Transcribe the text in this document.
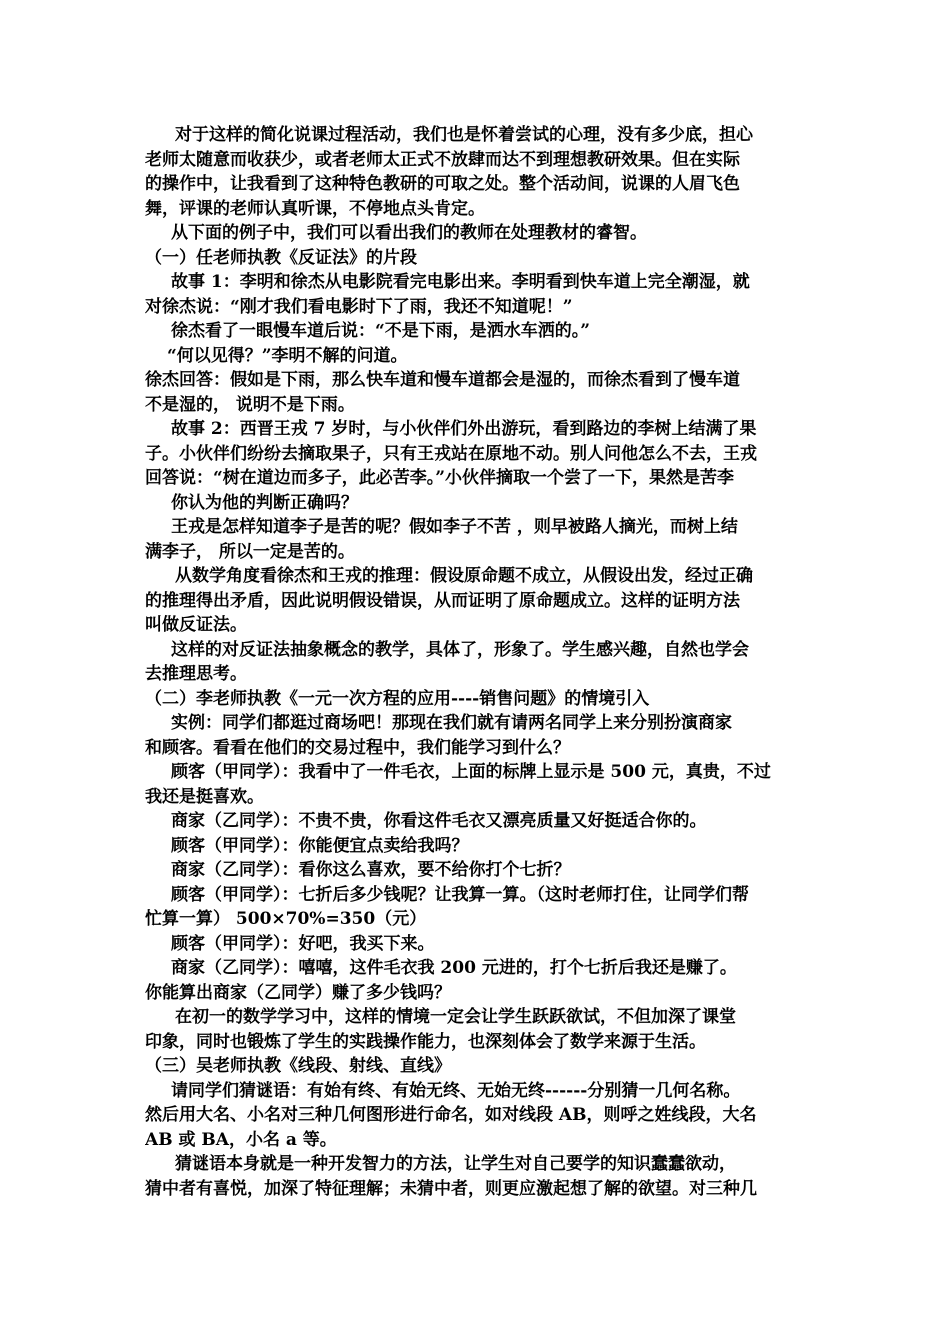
对于这样的简化说课过程活动，我们也是怀着尝试的心理，没有多少底，担心

老师太随意而收获少，或者老师太正式不放肆而达不到理想教研效果。但在实际

的操作中，让我看到了这种特色教研的可取之处。整个活动间，说课的人眉飞色

舞，评课的老师认真听课，不停地点头肯定。

从下面的例子中，我们可以看出我们的教师在处理教材的睿智。

（一）任老师执教《反证法》的片段

故事 1：李明和徐杰从电影院看完电影出来。李明看到快车道上完全潮湿，就

对徐杰说：“刚才我们看电影时下了雨，我还不知道呢！”

徐杰看了一眼慢车道后说：“不是下雨，是洒水车洒的。”

“何以见得？”李明不解的问道。

徐杰回答：假如是下雨，那么快车道和慢车道都会是湿的，而徐杰看到了慢车道

不是湿的， 说明不是下雨。

故事 2：西晋王戎 7 岁时，与小伙伴们外出游玩，看到路边的李树上结满了果

子。小伙伴们纷纷去摘取果子，只有王戎站在原地不动。别人问他怎么不去，王戎

回答说：“树在道边而多子，此必苦李。”小伙伴摘取一个尝了一下，果然是苦李

你认为他的判断正确吗？

王戎是怎样知道李子是苦的呢？假如李子不苦 ，则早被路人摘光，而树上结

满李子， 所以一定是苦的。

从数学角度看徐杰和王戎的推理：假设原命题不成立，从假设出发，经过正确

的推理得出矛盾，因此说明假设错误，从而证明了原命题成立。这样的证明方法

叫做反证法。

这样的对反证法抽象概念的教学，具体了，形象了。学生感兴趣，自然也学会

去推理思考。

（二）李老师执教《一元一次方程的应用----销售问题》的情境引入

实例：同学们都逛过商场吧！那现在我们就有请两名同学上来分别扮演商家

和顾客。看看在他们的交易过程中，我们能学习到什么？

顾客（甲同学）：我看中了一件毛衣，上面的标牌上显示是 500 元，真贵，不过

我还是挺喜欢。

商家（乙同学）：不贵不贵，你看这件毛衣又漂亮质量又好挺适合你的。

顾客（甲同学）：你能便宜点卖给我吗？

商家（乙同学）：看你这么喜欢，要不给你打个七折？

顾客（甲同学）：七折后多少钱呢？让我算一算。（这时老师打住，让同学们帮

忙算一算） 500×70%=350（元）

顾客（甲同学）：好吧，我买下来。

商家（乙同学）：嘻嘻，这件毛衣我 200 元进的，打个七折后我还是赚了。

你能算出商家（乙同学）赚了多少钱吗？

在初一的数学学习中，这样的情境一定会让学生跃跃欲试，不但加深了课堂

印象，同时也锻炼了学生的实践操作能力，也深刻体会了数学来源于生活。

（三）吴老师执教《线段、射线、直线》

请同学们猜谜语：有始有终、有始无终、无始无终------分别猜一几何名称。

然后用大名、小名对三种几何图形进行命名，如对线段 AB，则呼之姓线段，大名

AB 或 BA，小名 a 等。

猜谜语本身就是一种开发智力的方法，让学生对自己要学的知识蠢蠢欲动，

猜中者有喜悦，加深了特征理解；未猜中者，则更应激起想了解的欲望。对三种几
